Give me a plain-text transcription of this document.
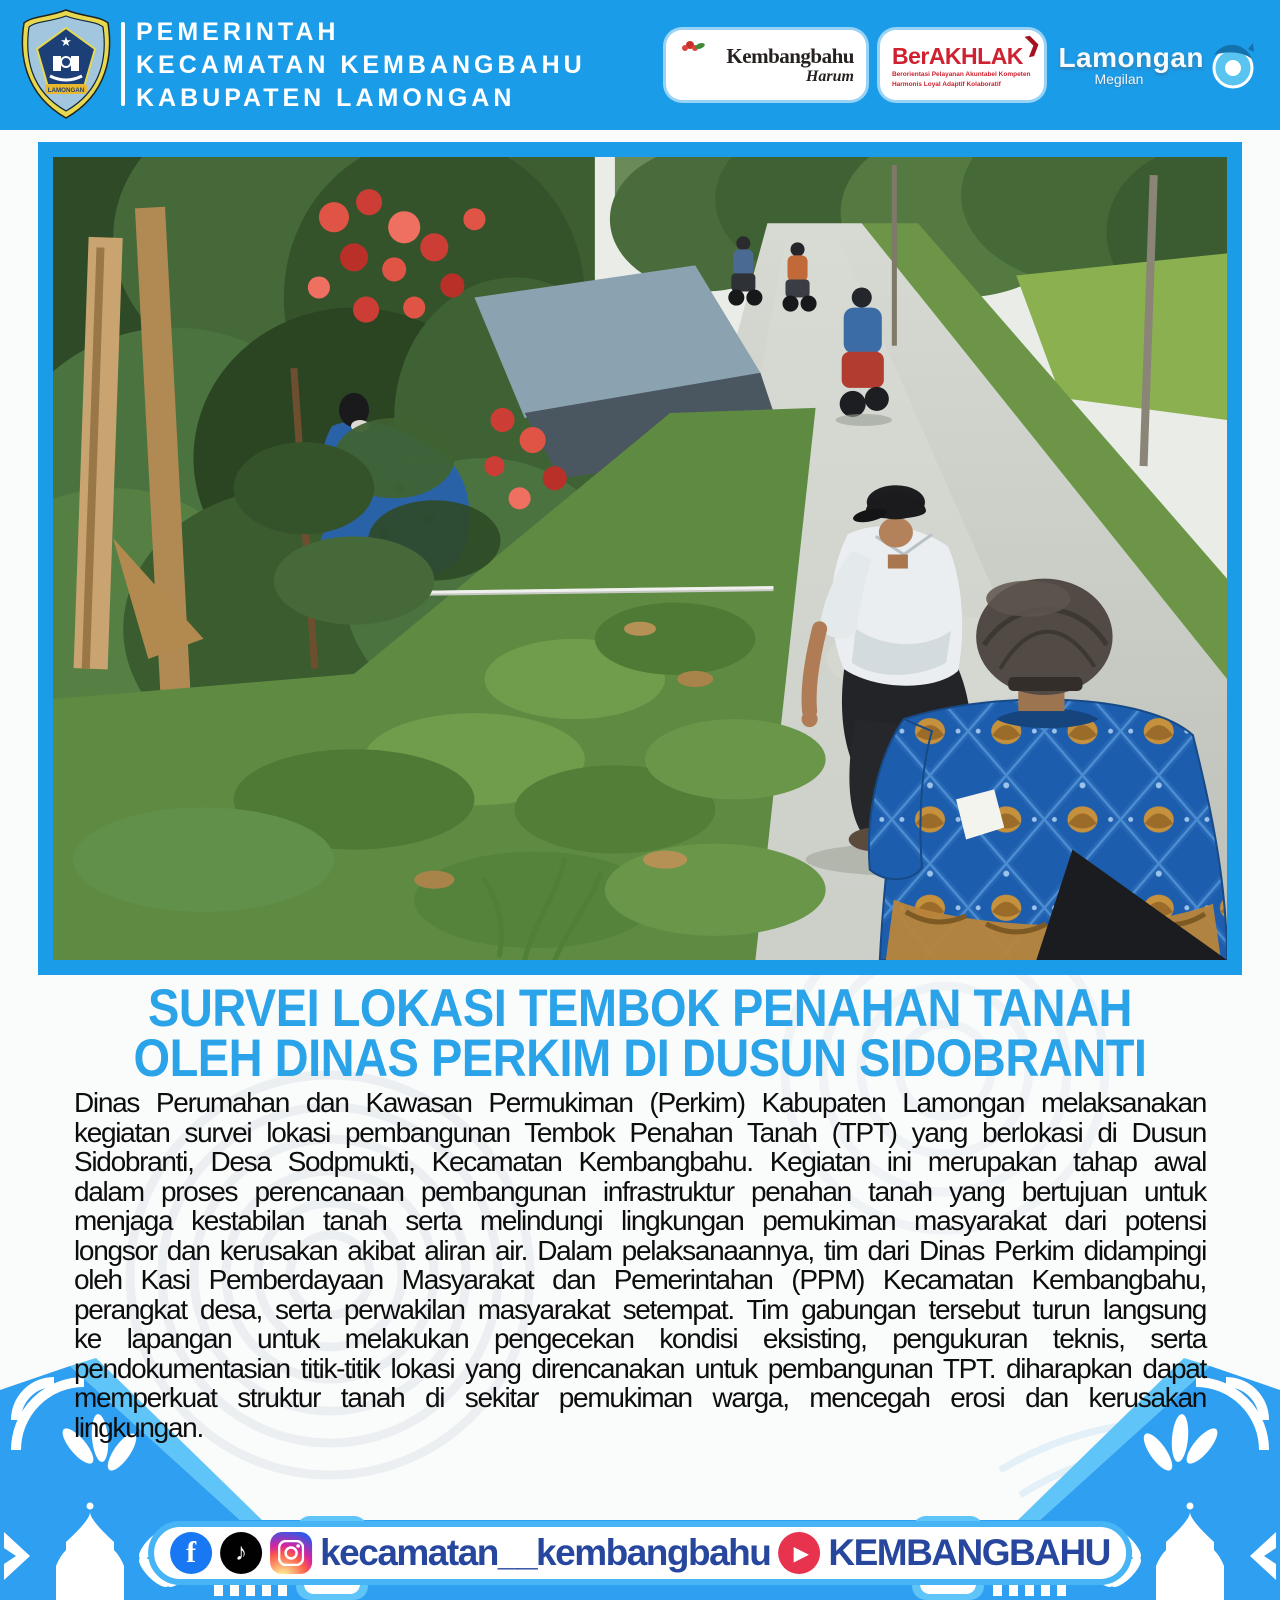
★
LAMONGAN
PEMERINTAH
KECAMATAN KEMBANGBAHU
KABUPATEN LAMONGAN
Kembangbahu
Harum
❯
BerAKHLAK
Berorientasi Pelayanan Akuntabel Kompeten
Harmonis Loyal Adaptif Kolaboratif
Lamongan
Megilan
SURVEI LOKASI TEMBOK PENAHAN TANAH
OLEH DINAS PERKIM DI DUSUN SIDOBRANTI

Dinas Perumahan dan Kawasan Permukiman (Perkim) Kabupaten Lamongan melaksanakan kegiatan survei lokasi pembangunan Tembok Penahan Tanah (TPT) yang berlokasi di Dusun Sidobranti, Desa Sodpmukti, Kecamatan Kembangbahu. Kegiatan ini merupakan tahap awal dalam proses perencanaan pembangunan infrastruktur penahan tanah yang bertujuan untuk menjaga kestabilan tanah serta melindungi lingkungan pemukiman masyarakat dari potensi longsor dan kerusakan akibat aliran air. Dalam pelaksanaannya, tim dari Dinas Perkim didampingi oleh Kasi Pemberdayaan Masyarakat dan Pemerintahan (PPM) Kecamatan Kembangbahu, perangkat desa, serta perwakilan masyarakat setempat. Tim gabungan tersebut turun langsung ke lapangan untuk melakukan pengecekan kondisi eksisting, pengukuran teknis, serta pendokumentasian titik-titik lokasi yang direncanakan untuk pembangunan TPT. diharapkan dapat memperkuat struktur tanah di sekitar pemukiman warga, mencegah erosi dan kerusakan lingkungan.

f	♪	kecamatan__kembangbahu	▶ KEMBANGBAHU
